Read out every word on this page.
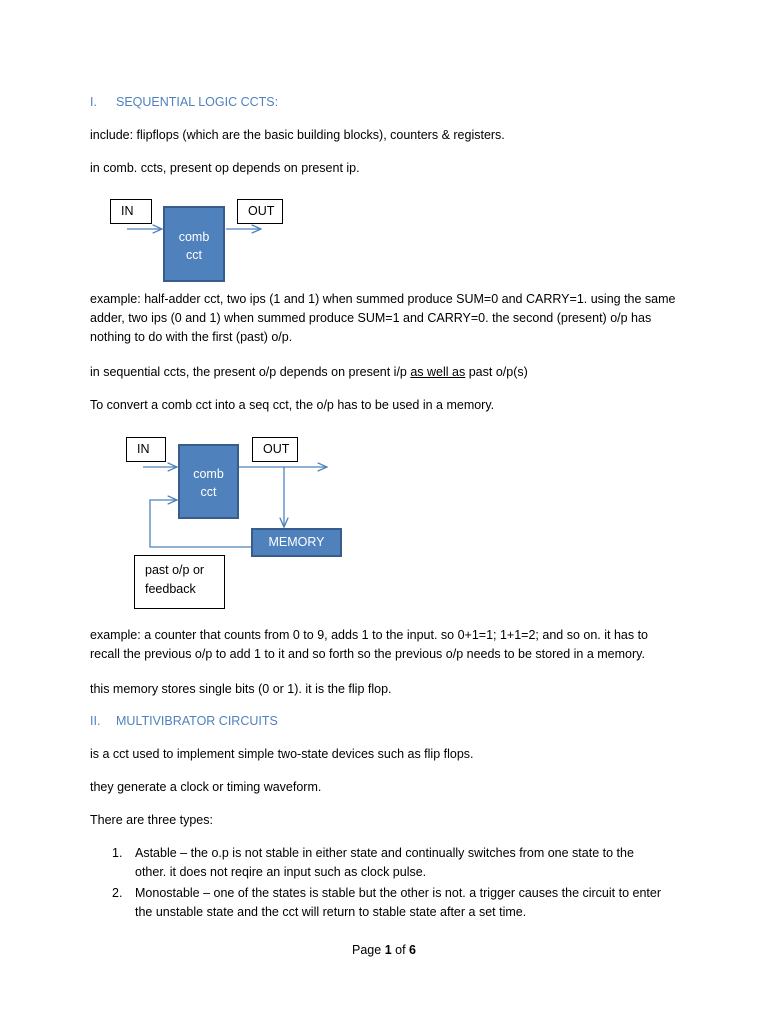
I. SEQUENTIAL LOGIC CCTS:

include: flipflops (which are the basic building blocks), counters & registers.

in comb. ccts, present op depends on present ip.

IN
comb
cct
OUT
example: half-adder cct, two ips (1 and 1) when summed produce SUM=0 and CARRY=1. using the same
adder, two ips (0 and 1) when summed produce SUM=1 and CARRY=0. the second (present) o/p has
nothing to do with the first (past) o/p.

in sequential ccts, the present o/p depends on present i/p as well as past o/p(s)

To convert a comb cct into a seq cct, the o/p has to be used in a memory.

IN
comb
cct
OUT
MEMORY
past o/p or
feedback
example: a counter that counts from 0 to 9, adds 1 to the input. so 0+1=1; 1+1=2; and so on. it has to
recall the previous o/p to add 1 to it and so forth so the previous o/p needs to be stored in a memory.

this memory stores single bits (0 or 1). it is the flip flop.

II. MULTIVIBRATOR CIRCUITS

is a cct used to implement simple two-state devices such as flip flops.

they generate a clock or timing waveform.

There are three types:

1. Astable – the o.p is not stable in either state and continually switches from one state to the
other. it does not reqire an input such as clock pulse.
2. Monostable – one of the states is stable but the other is not. a trigger causes the circuit to enter
the unstable state and the cct will return to stable state after a set time.
Page 1 of 6
